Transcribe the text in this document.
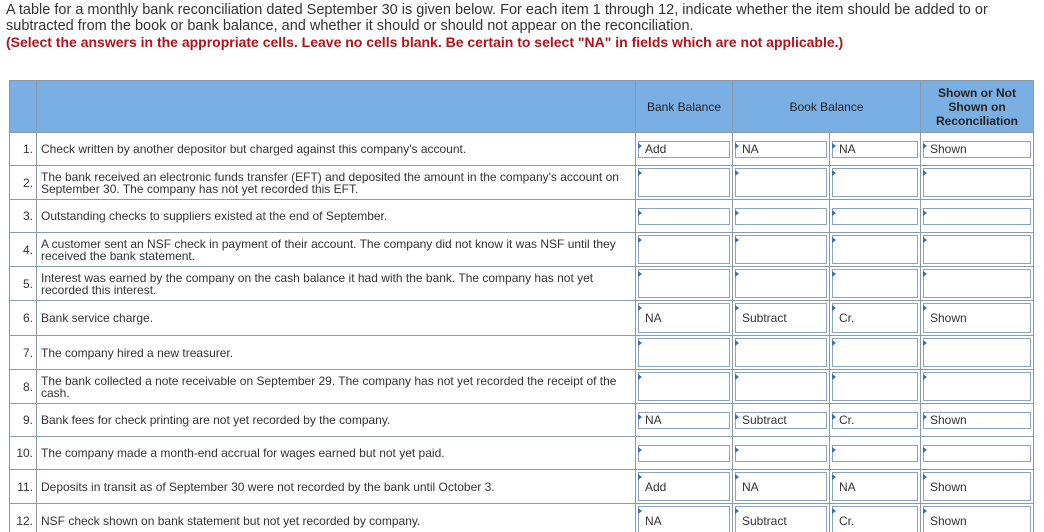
A table for a monthly bank reconciliation dated September 30 is given below. For each item 1 through 12, indicate whether the item should be added to or subtracted from the book or bank balance, and whether it should or should not appear on the reconciliation.
(Select the answers in the appropriate cells. Leave no cells blank. Be certain to select "NA" in fields which are not applicable.)
		Bank Balance	Book Balance		Shown or Not Shown on Reconciliation
1.	Check written by another depositor but charged against this company's account.	Add	NA	NA	Shown

2.	The bank received an electronic funds transfer (EFT) and deposited the amount in the company's account on September 30. The company has not yet recorded this EFT.	

3.	Outstanding checks to suppliers existed at the end of September.	

4.	A customer sent an NSF check in payment of their account. The company did not know it was NSF until they received the bank statement.	

5.	Interest was earned by the company on the cash balance it had with the bank. The company has not yet recorded this interest.	

6.	Bank service charge.	NA	Subtract	Cr.	Shown

7.	The company hired a new treasurer.	

8.	The bank collected a note receivable on September 29. The company has not yet recorded the receipt of the cash.	

9.	Bank fees for check printing are not yet recorded by the company.	NA	Subtract	Cr.	Shown

10.	The company made a month-end accrual for wages earned but not yet paid.	

11.	Deposits in transit as of September 30 were not recorded by the bank until October 3.	Add	NA	NA	Shown

12.	NSF check shown on bank statement but not yet recorded by company.	NA	Subtract	Cr.	Shown
